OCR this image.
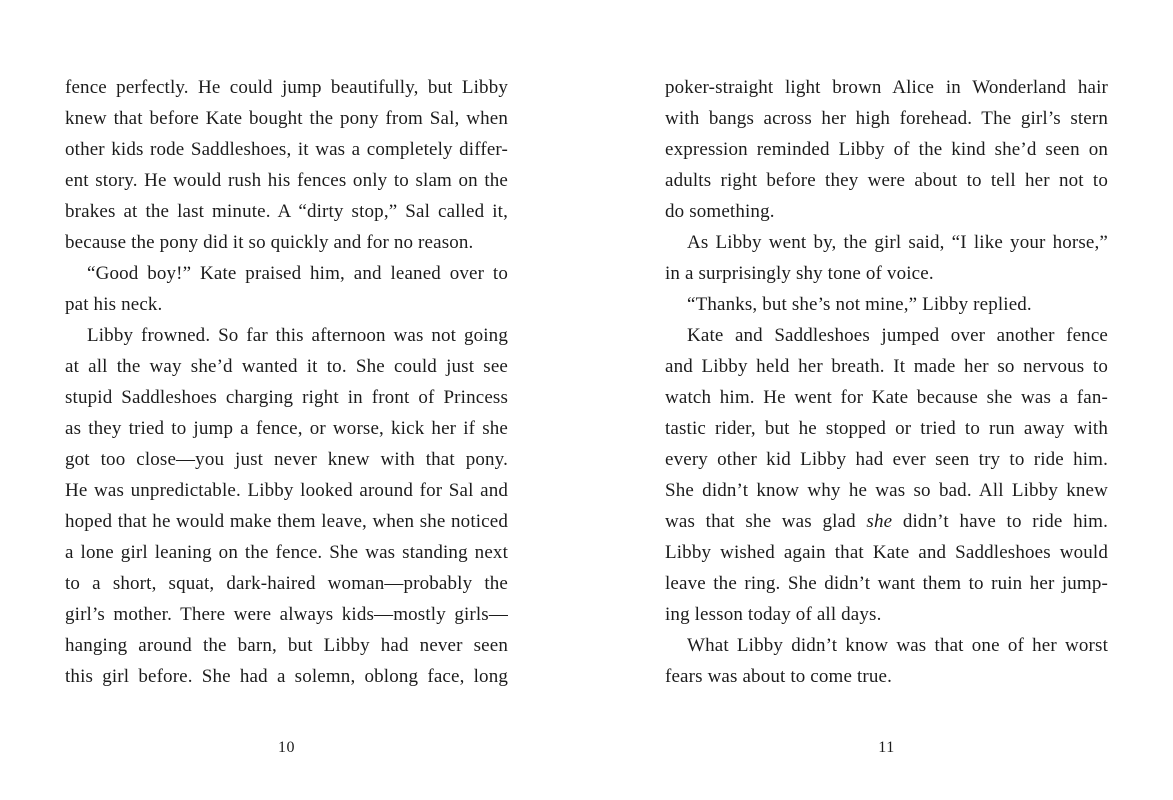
fence perfectly. He could jump beautifully, but Libby
knew that before Kate bought the pony from Sal, when
other kids rode Saddleshoes, it was a completely differ-
ent story. He would rush his fences only to slam on the
brakes at the last minute. A “dirty stop,” Sal called it,
because the pony did it so quickly and for no reason.
“Good boy!” Kate praised him, and leaned over to
pat his neck.
Libby frowned. So far this afternoon was not going
at all the way she’d wanted it to. She could just see
stupid Saddleshoes charging right in front of Princess
as they tried to jump a fence, or worse, kick her if she
got too close—you just never knew with that pony.
He was unpredictable. Libby looked around for Sal and
hoped that he would make them leave, when she noticed
a lone girl leaning on the fence. She was standing next
to a short, squat, dark-haired woman—probably the
girl’s mother. There were always kids—mostly girls—
hanging around the barn, but Libby had never seen
this girl before. She had a solemn, oblong face, long
10
poker-straight light brown Alice in Wonderland hair
with bangs across her high forehead. The girl’s stern
expression reminded Libby of the kind she’d seen on
adults right before they were about to tell her not to
do something.
As Libby went by, the girl said, “I like your horse,”
in a surprisingly shy tone of voice.
“Thanks, but she’s not mine,” Libby replied.
Kate and Saddleshoes jumped over another fence
and Libby held her breath. It made her so nervous to
watch him. He went for Kate because she was a fan-
tastic rider, but he stopped or tried to run away with
every other kid Libby had ever seen try to ride him.
She didn’t know why he was so bad. All Libby knew
was that she was glad she didn’t have to ride him.
Libby wished again that Kate and Saddleshoes would
leave the ring. She didn’t want them to ruin her jump-
ing lesson today of all days.
What Libby didn’t know was that one of her worst
fears was about to come true.
11
